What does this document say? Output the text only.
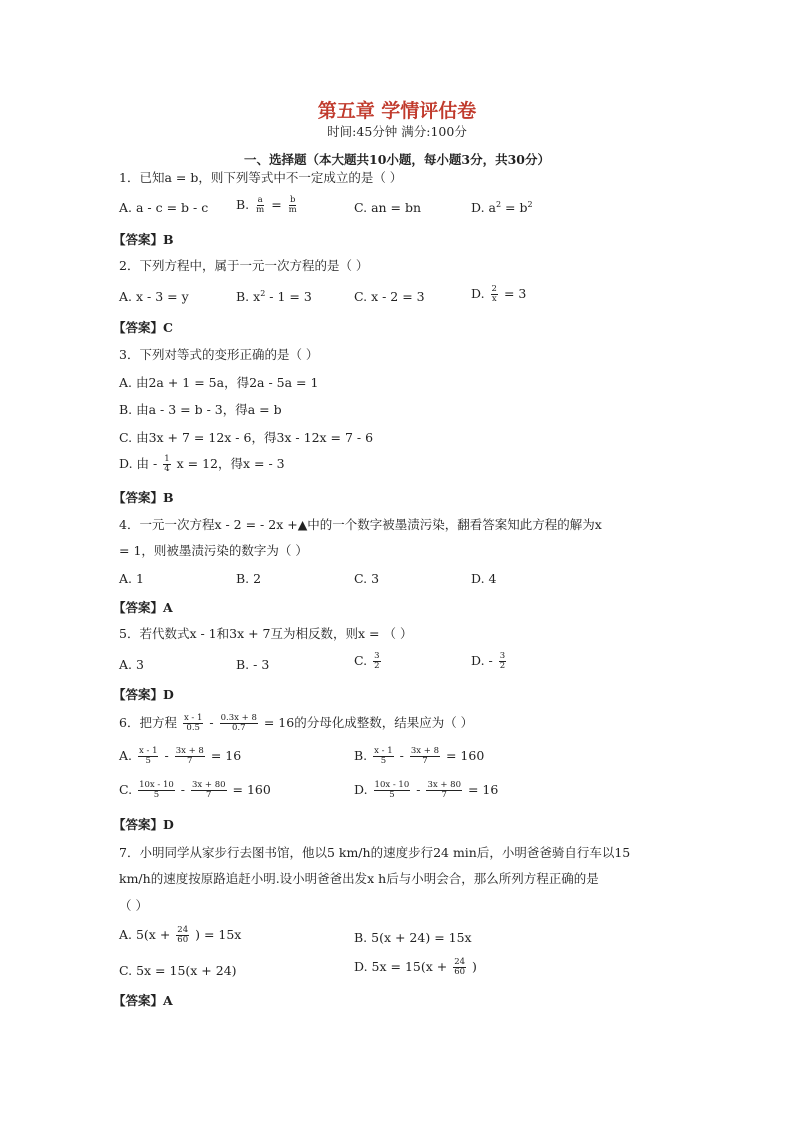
第五章 学情评估卷
时间:45分钟 满分:100分
一、选择题（本大题共10小题，每小题3分，共30分）
1．已知a = b，则下列等式中不一定成立的是（ ）
A. a - c = b - c B. $\frac{a}{m} = \frac{b}{m}$	C. an = bn	D. $a^2 = b^2$
【答案】B
2．下列方程中，属于一元一次方程的是（ ）
A. x - 3 = y	B. $x^2 - 1 = 3$	C. x - 2 = 3	D. $\frac{2}{x} = 3$
【答案】C
3．下列对等式的变形正确的是（ ）
A. 由2a + 1 = 5a，得2a - 5a = 1
B. 由a - 3 = b - 3，得a = b
C. 由3x + 7 = 12x - 6，得3x - 12x = 7 - 6
D. 由 - $\frac{1}{4}$ x = 12，得x = - 3
【答案】B
4．一元一次方程x - 2 = - 2x +▲中的一个数字被墨渍污染，翻看答案知此方程的解为x
= 1，则被墨渍污染的数字为（ ）
A. 1	B. 2	C. 3	D. 4
【答案】A
5．若代数式x - 1和3x + 7互为相反数，则x = （ ）
A. 3	B. - 3	C. $\frac{3}{2}$	D. - $\frac{3}{2}$
【答案】D
6．把方程 $\frac{x - 1}{0.5} - \frac{0.3x + 8}{0.7} = 16$的分母化成整数，结果应为（ ）
A. $\frac{x - 1}{5} - \frac{3x + 8}{7} = 16$	B. $\frac{x - 1}{5} - \frac{3x + 8}{7} = 160$
C. $\frac{10x - 10}{5} - \frac{3x + 80}{7} = 160$	D. $\frac{10x - 10}{5} - \frac{3x + 80}{7} = 16$
【答案】D
7．小明同学从家步行去图书馆，他以5 km/h的速度步行24 min后，小明爸爸骑自行车以15
km/h的速度按原路追赶小明.设小明爸爸出发x h后与小明会合，那么所列方程正确的是
（ ）
A. $5(x + \frac{24}{60}$ ) = 15x	B. 5(x + 24) = 15x
C. 5x = 15(x + 24)	D. $5x = 15(x + \frac{24}{60}$ )
【答案】A
